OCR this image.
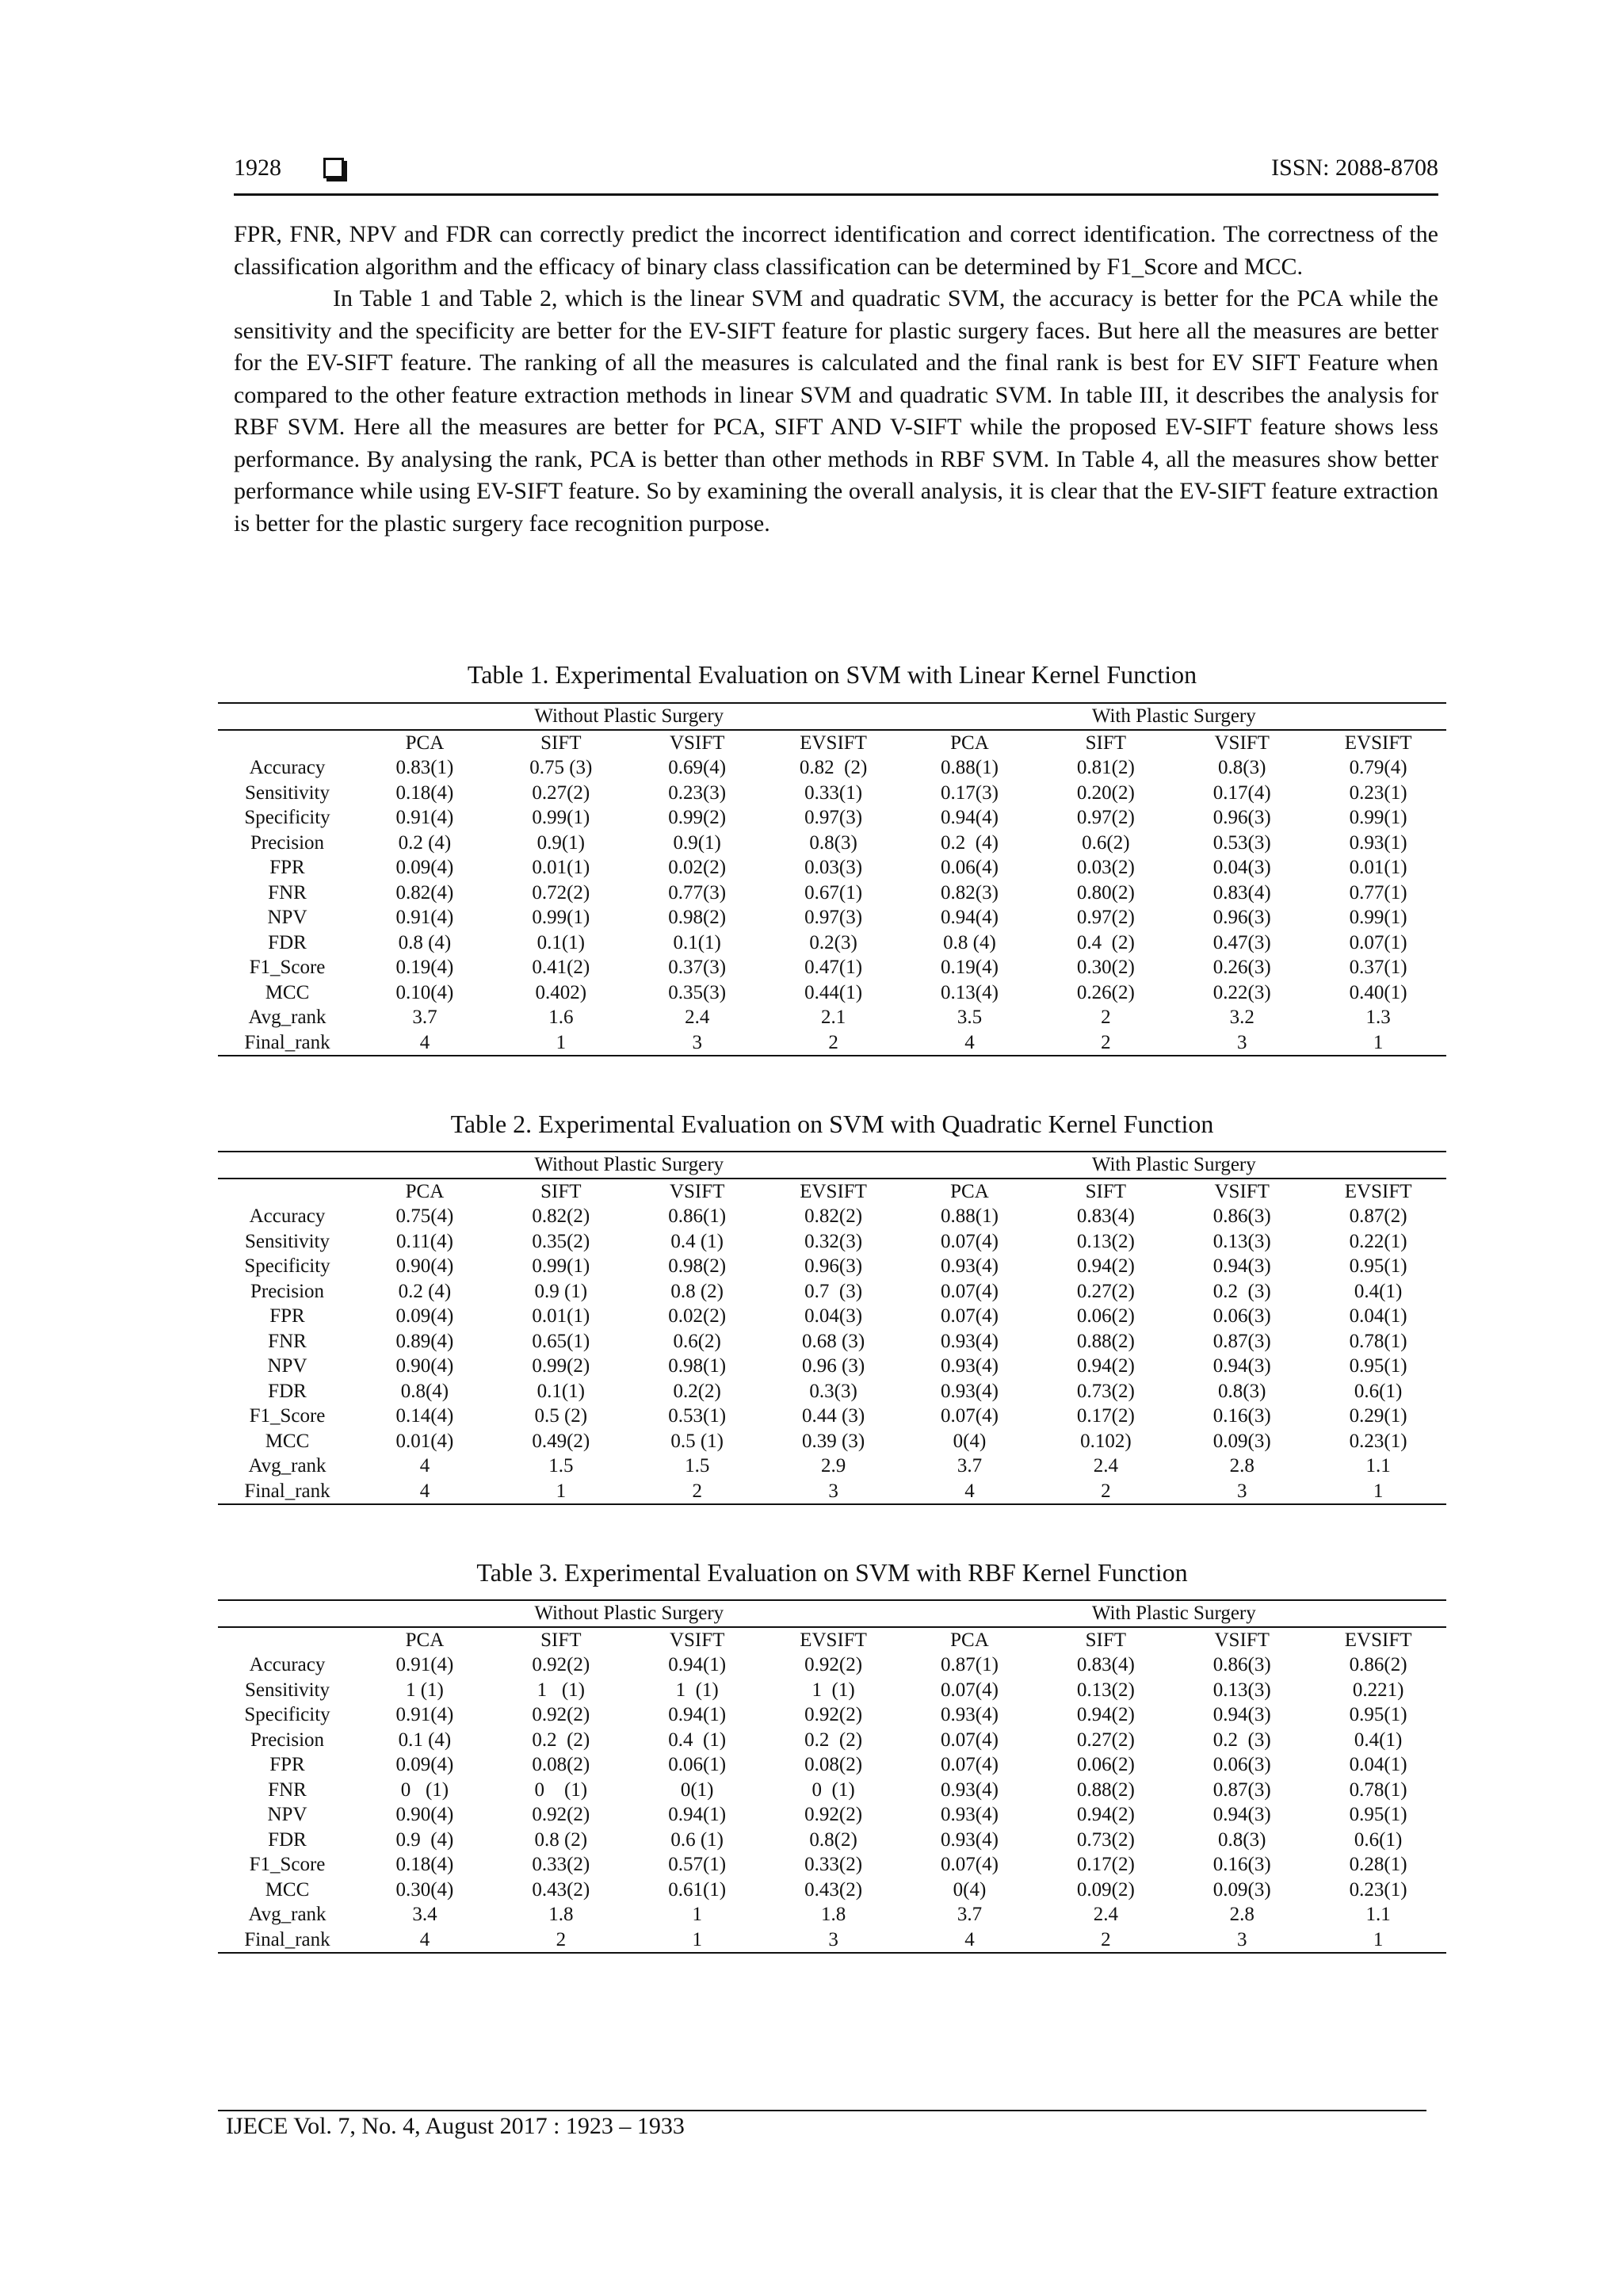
1928	ISSN: 2088-8708

FPR, FNR, NPV and FDR can correctly predict the incorrect identification and correct identification. The correctness of the classification algorithm and the efficacy of binary class classification can be determined by F1_Score and MCC.

In Table 1 and Table 2, which is the linear SVM and quadratic SVM, the accuracy is better for the PCA while the sensitivity and the specificity are better for the EV-SIFT feature for plastic surgery faces. But here all the measures are better for the EV-SIFT feature. The ranking of all the measures is calculated and the final rank is best for EV SIFT Feature when compared to the other feature extraction methods in linear SVM and quadratic SVM. In table III, it describes the analysis for RBF SVM. Here all the measures are better for PCA, SIFT AND V-SIFT while the proposed EV-SIFT feature shows less performance. By analysing the rank, PCA is better than other methods in RBF SVM. In Table 4, all the measures show better performance while using EV-SIFT feature. So by examining the overall analysis, it is clear that the EV-SIFT feature extraction is better for the plastic surgery face recognition purpose.

Table 1. Experimental Evaluation on SVM with Linear Kernel Function
	Without Plastic Surgery				With Plastic Surgery			
	PCA	SIFT	VSIFT	EVSIFT	PCA	SIFT	VSIFT	EVSIFT
Accuracy	0.83(1)	0.75 (3)	0.69(4)	0.82  (2)	0.88(1)	0.81(2)	0.8(3)	0.79(4)
Sensitivity	0.18(4)	0.27(2)	0.23(3)	0.33(1)	0.17(3)	0.20(2)	0.17(4)	0.23(1)
Specificity	0.91(4)	0.99(1)	0.99(2)	0.97(3)	0.94(4)	0.97(2)	0.96(3)	0.99(1)
Precision	0.2 (4)	0.9(1)	0.9(1)	0.8(3)	0.2  (4)	0.6(2)	0.53(3)	0.93(1)
FPR	0.09(4)	0.01(1)	0.02(2)	0.03(3)	0.06(4)	0.03(2)	0.04(3)	0.01(1)
FNR	0.82(4)	0.72(2)	0.77(3)	0.67(1)	0.82(3)	0.80(2)	0.83(4)	0.77(1)
NPV	0.91(4)	0.99(1)	0.98(2)	0.97(3)	0.94(4)	0.97(2)	0.96(3)	0.99(1)
FDR	0.8 (4)	0.1(1)	0.1(1)	0.2(3)	0.8 (4)	0.4  (2)	0.47(3)	0.07(1)
F1_Score	0.19(4)	0.41(2)	0.37(3)	0.47(1)	0.19(4)	0.30(2)	0.26(3)	0.37(1)
MCC	0.10(4)	0.402)	0.35(3)	0.44(1)	0.13(4)	0.26(2)	0.22(3)	0.40(1)
Avg_rank	3.7	1.6	2.4	2.1	3.5	2	3.2	1.3
Final_rank	4	1	3	2	4	2	3	1
Table 2. Experimental Evaluation on SVM with Quadratic Kernel Function
	Without Plastic Surgery				With Plastic Surgery			
	PCA	SIFT	VSIFT	EVSIFT	PCA	SIFT	VSIFT	EVSIFT
Accuracy	0.75(4)	0.82(2)	0.86(1)	0.82(2)	0.88(1)	0.83(4)	0.86(3)	0.87(2)
Sensitivity	0.11(4)	0.35(2)	0.4 (1)	0.32(3)	0.07(4)	0.13(2)	0.13(3)	0.22(1)
Specificity	0.90(4)	0.99(1)	0.98(2)	0.96(3)	0.93(4)	0.94(2)	0.94(3)	0.95(1)
Precision	0.2 (4)	0.9 (1)	0.8 (2)	0.7  (3)	0.07(4)	0.27(2)	0.2  (3)	0.4(1)
FPR	0.09(4)	0.01(1)	0.02(2)	0.04(3)	0.07(4)	0.06(2)	0.06(3)	0.04(1)
FNR	0.89(4)	0.65(1)	0.6(2)	0.68 (3)	0.93(4)	0.88(2)	0.87(3)	0.78(1)
NPV	0.90(4)	0.99(2)	0.98(1)	0.96 (3)	0.93(4)	0.94(2)	0.94(3)	0.95(1)
FDR	0.8(4)	0.1(1)	0.2(2)	0.3(3)	0.93(4)	0.73(2)	0.8(3)	0.6(1)
F1_Score	0.14(4)	0.5 (2)	0.53(1)	0.44 (3)	0.07(4)	0.17(2)	0.16(3)	0.29(1)
MCC	0.01(4)	0.49(2)	0.5 (1)	0.39 (3)	0(4)	0.102)	0.09(3)	0.23(1)
Avg_rank	4	1.5	1.5	2.9	3.7	2.4	2.8	1.1
Final_rank	4	1	2	3	4	2	3	1
Table 3. Experimental Evaluation on SVM with RBF Kernel Function
	Without Plastic Surgery				With Plastic Surgery			
	PCA	SIFT	VSIFT	EVSIFT	PCA	SIFT	VSIFT	EVSIFT
Accuracy	0.91(4)	0.92(2)	0.94(1)	0.92(2)	0.87(1)	0.83(4)	0.86(3)	0.86(2)
Sensitivity	1 (1)	1   (1)	1  (1)	1  (1)	0.07(4)	0.13(2)	0.13(3)	0.221)
Specificity	0.91(4)	0.92(2)	0.94(1)	0.92(2)	0.93(4)	0.94(2)	0.94(3)	0.95(1)
Precision	0.1 (4)	0.2  (2)	0.4  (1)	0.2  (2)	0.07(4)	0.27(2)	0.2  (3)	0.4(1)
FPR	0.09(4)	0.08(2)	0.06(1)	0.08(2)	0.07(4)	0.06(2)	0.06(3)	0.04(1)
FNR	0   (1)	0    (1)	0(1)	0  (1)	0.93(4)	0.88(2)	0.87(3)	0.78(1)
NPV	0.90(4)	0.92(2)	0.94(1)	0.92(2)	0.93(4)	0.94(2)	0.94(3)	0.95(1)
FDR	0.9  (4)	0.8 (2)	0.6 (1)	0.8(2)	0.93(4)	0.73(2)	0.8(3)	0.6(1)
F1_Score	0.18(4)	0.33(2)	0.57(1)	0.33(2)	0.07(4)	0.17(2)	0.16(3)	0.28(1)
MCC	0.30(4)	0.43(2)	0.61(1)	0.43(2)	0(4)	0.09(2)	0.09(3)	0.23(1)
Avg_rank	3.4	1.8	1	1.8	3.7	2.4	2.8	1.1
Final_rank	4	2	1	3	4	2	3	1
IJECE Vol. 7, No. 4, August 2017 : 1923 – 1933
